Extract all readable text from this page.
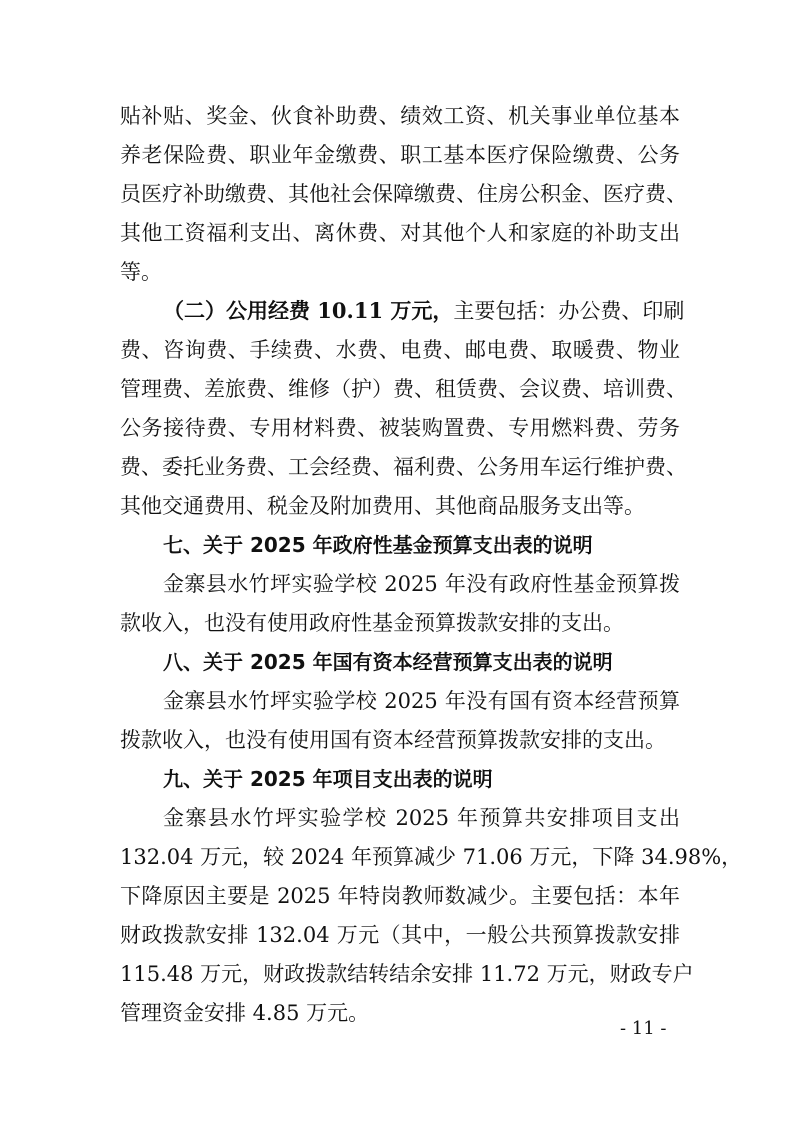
贴补贴、奖金、伙食补助费、绩效工资、机关事业单位基本
养老保险费、职业年金缴费、职工基本医疗保险缴费、公务
员医疗补助缴费、其他社会保障缴费、住房公积金、医疗费、
其他工资福利支出、离休费、对其他个人和家庭的补助支出
等。
（二）公用经费 10.11 万元，主要包括：办公费、印刷
费、咨询费、手续费、水费、电费、邮电费、取暖费、物业
管理费、差旅费、维修（护）费、租赁费、会议费、培训费、
公务接待费、专用材料费、被装购置费、专用燃料费、劳务
费、委托业务费、工会经费、福利费、公务用车运行维护费、
其他交通费用、税金及附加费用、其他商品服务支出等。
七、关于 2025 年政府性基金预算支出表的说明
金寨县水竹坪实验学校 2025 年没有政府性基金预算拨
款收入，也没有使用政府性基金预算拨款安排的支出。
八、关于 2025 年国有资本经营预算支出表的说明
金寨县水竹坪实验学校 2025 年没有国有资本经营预算
拨款收入，也没有使用国有资本经营预算拨款安排的支出。
九、关于 2025 年项目支出表的说明
金寨县水竹坪实验学校 2025 年预算共安排项目支出
132.04 万元，较 2024 年预算减少 71.06 万元，下降 34.98%，
下降原因主要是 2025 年特岗教师数减少。主要包括：本年
财政拨款安排 132.04 万元（其中，一般公共预算拨款安排
115.48 万元，财政拨款结转结余安排 11.72 万元，财政专户
管理资金安排 4.85 万元。
- 11 -
